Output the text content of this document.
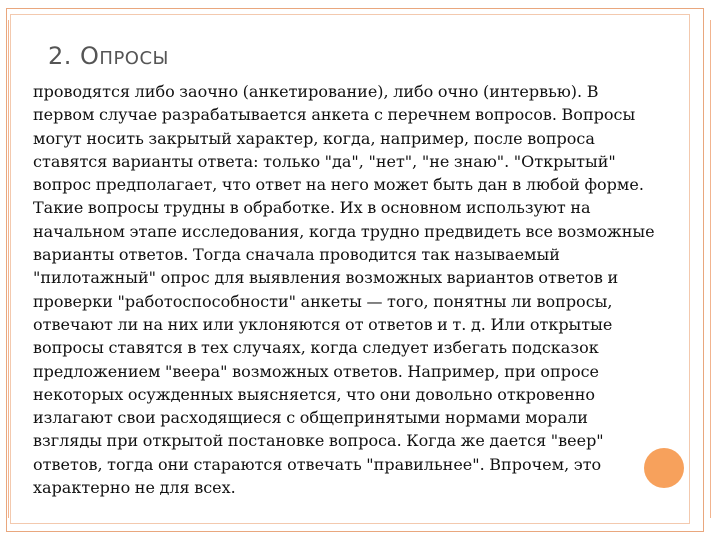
2. ОПРОСЫ

проводятся либо заочно (анкетирование), либо очно (интервью). В первом случае разрабатывается анкета с перечнем вопросов. Вопросы могут носить закрытый характер, когда, например, после вопроса ставятся варианты ответа: только "да", "нет", "не знаю". "Открытый" вопрос предполагает, что ответ на него может быть дан в любой форме. Такие вопросы трудны в обработке. Их в основном используют на начальном этапе исследования, когда трудно предвидеть все возможные варианты ответов. Тогда сначала проводится так называемый "пилотажный" опрос для выявления возможных вариантов ответов и проверки "работоспособности" анкеты — того, понятны ли вопросы, отвечают ли на них или уклоняются от ответов и т. д. Или открытые вопросы ставятся в тех случаях, когда следует избегать подсказок предложением "веера" возможных ответов. Например, при опросе некоторых осужденных выясняется, что они довольно откровенно излагают свои расходящиеся с общепринятыми нормами морали взгляды при открытой постановке вопроса. Когда же дается "веер" ответов, тогда они стараются отвечать "правильнее". Впрочем, это характерно не для всех.
